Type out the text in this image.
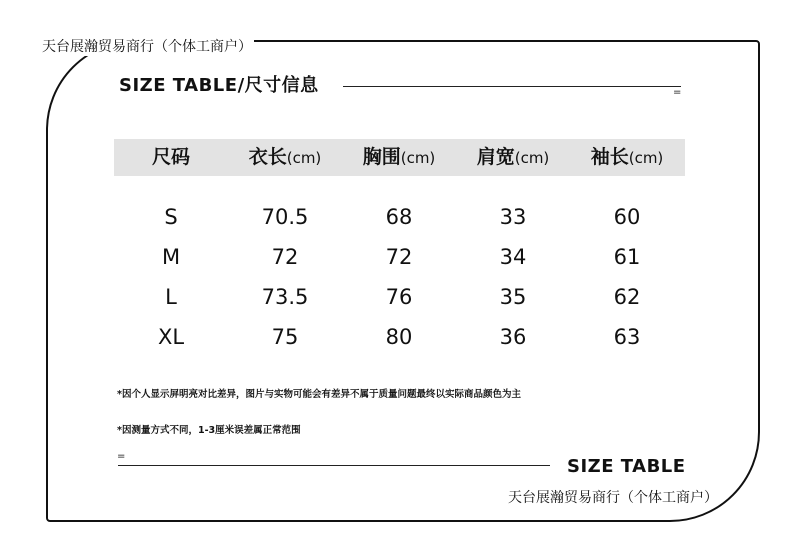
天台展瀚贸易商行（个体工商户）
SIZE TABLE/尺寸信息	=
尺码	衣长(cm)	胸围(cm)	肩宽(cm)	袖长(cm)
S	70.5	68	33	60
M	72	72	34	61
L	73.5	76	35	62
XL	75	80	36	63
*因个人显示屏明亮对比差异，图片与实物可能会有差异不属于质量问题最终以实际商品颜色为主
*因测量方式不同，1-3厘米误差属正常范围
=	SIZE TABLE
天台展瀚贸易商行（个体工商户）
